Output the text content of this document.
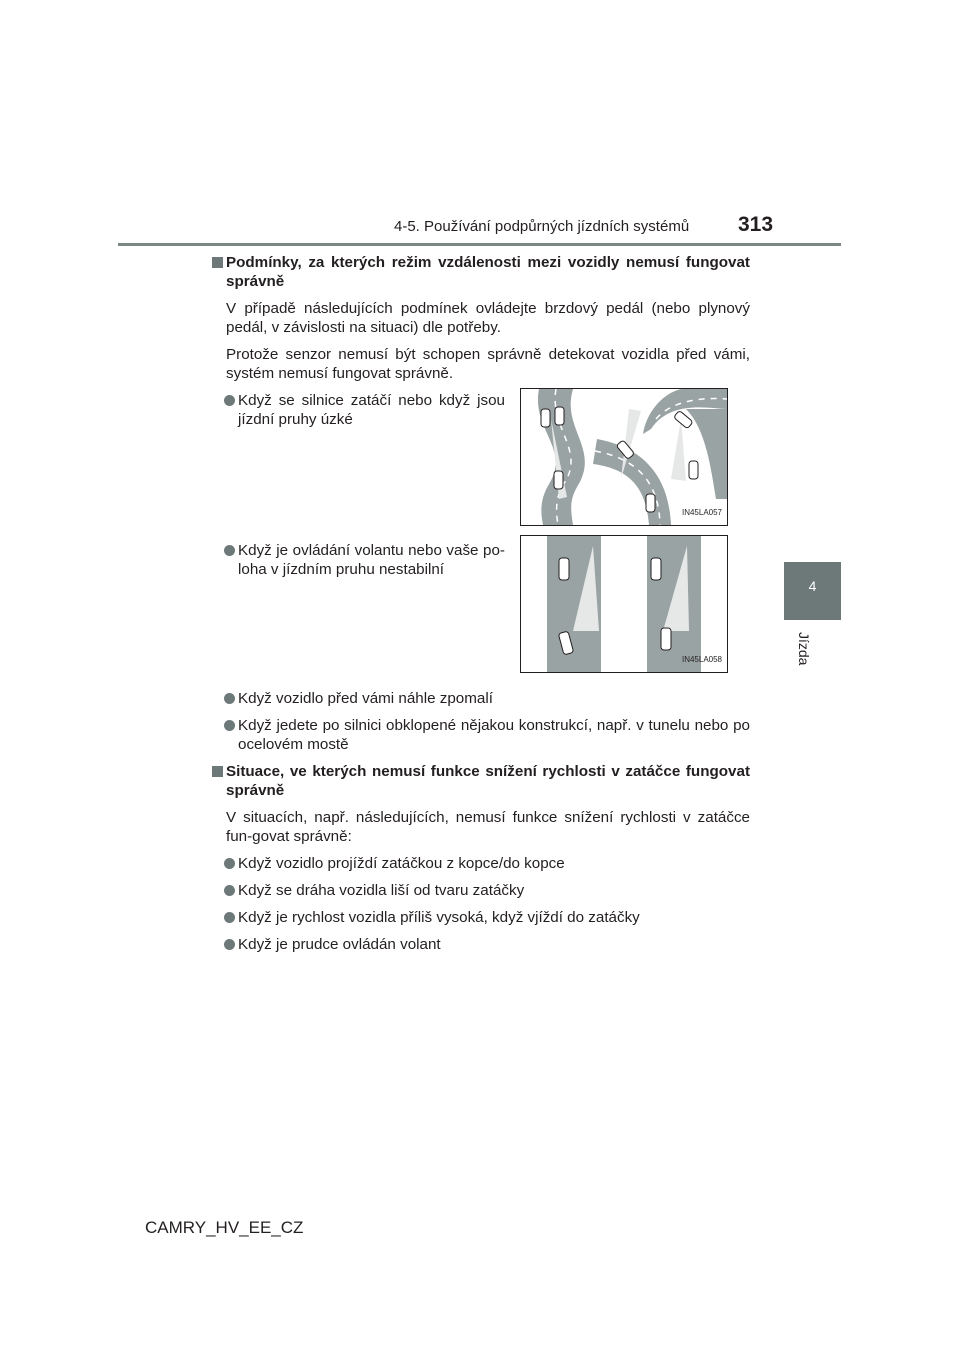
4-5. Používání podpůrných jízdních systémů 313
4
Jízda
Podmínky, za kterých režim vzdálenosti mezi vozidly nemusí fungovat správně

V případě následujících podmínek ovládejte brzdový pedál (nebo plynový pedál, v závislosti na situaci) dle potřeby.

Protože senzor nemusí být schopen správně detekovat vozidla před vámi, systém nemusí fungovat správně.

Když se silnice zatáčí nebo když jsou jízdní pruhy úzké
IN45LA057
Když je ovládání volantu nebo vaše po-loha v jízdním pruhu nestabilní
IN45LA058
Když vozidlo před vámi náhle zpomalí
Když jedete po silnici obklopené nějakou konstrukcí, např. v tunelu nebo po ocelovém mostě
Situace, ve kterých nemusí funkce snížení rychlosti v zatáčce fungovat správně

V situacích, např. následujících, nemusí funkce snížení rychlosti v zatáčce fun-govat správně:

Když vozidlo projíždí zatáčkou z kopce/do kopce
Když se dráha vozidla liší od tvaru zatáčky
Když je rychlost vozidla příliš vysoká, když vjíždí do zatáčky
Když je prudce ovládán volant
CAMRY_HV_EE_CZ
